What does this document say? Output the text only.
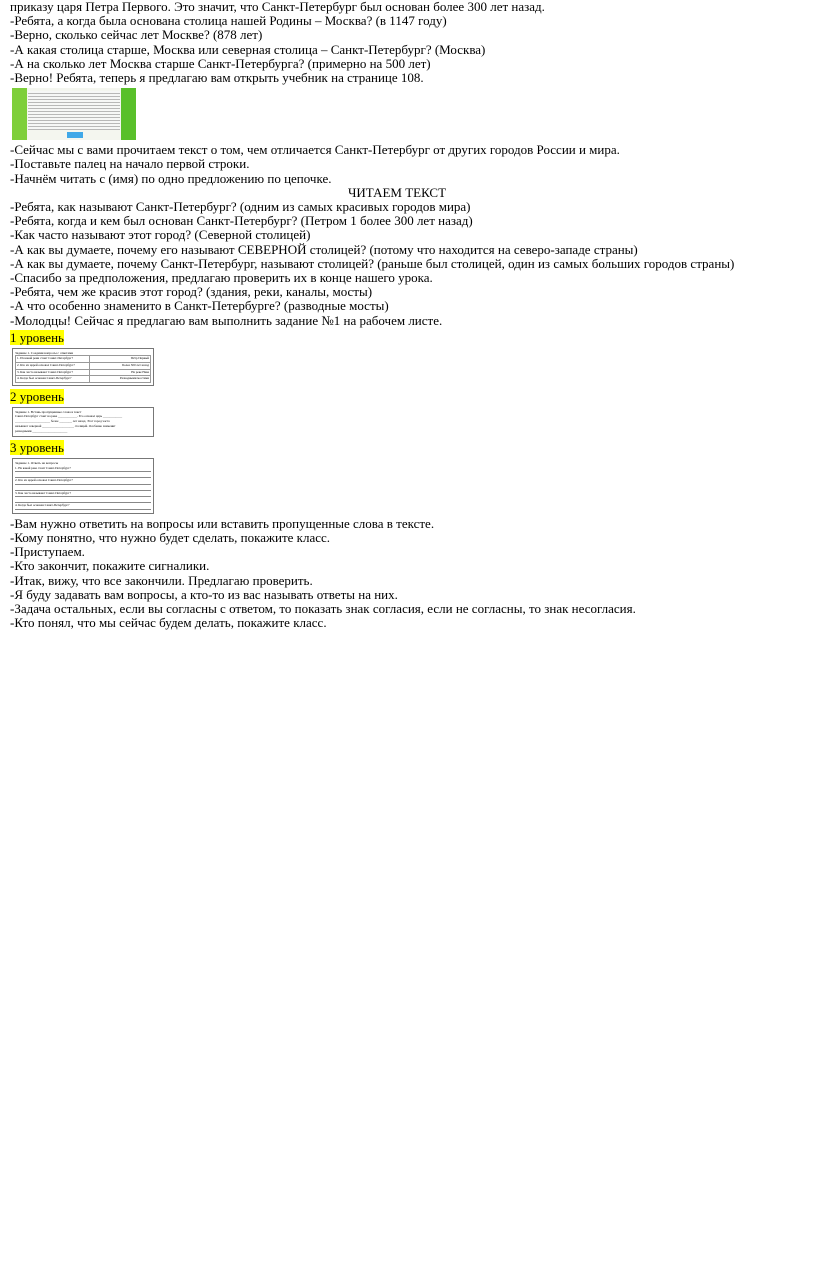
приказу царя Петра Первого. Это значит, что Санкт-Петербург был основан более 300 лет назад.

-Ребята, а когда была основана столица нашей Родины – Москва? (в 1147 году)

-Верно, сколько сейчас лет Москве? (878 лет)

-А какая столица старше, Москва или северная столица – Санкт-Петербург? (Москва)

-А на сколько лет Москва старше Санкт-Петербурга? (примерно на 500 лет)

-Верно! Ребята, теперь я предлагаю вам открыть учебник на странице 108.

-Сейчас мы с вами прочитаем текст о том, чем отличается Санкт-Петербург от других городов России и мира.

-Поставьте палец на начало первой строки.

-Начнём читать с (имя) по одно предложению по цепочке.

ЧИТАЕМ ТЕКСТ

-Ребята, как называют Санкт-Петербург? (одним из самых красивых городов мира)

-Ребята, когда и кем был основан Санкт-Петербург? (Петром 1 более 300 лет назад)

-Как часто называют этот город? (Северной столицей)

-А как вы думаете, почему его называют СЕВЕРНОЙ столицей? (потому что находится на северо-западе страны)

-А как вы думаете, почему Санкт-Петербург, называют столицей? (раньше был столицей, один из самых больших городов страны)

-Спасибо за предположения, предлагаю проверить их в конце нашего урока.

-Ребята, чем же красив этот город? (здания, реки, каналы, мосты)

-А что особенно знаменито в Санкт-Петербурге? (разводные мосты)

-Молодцы! Сейчас я предлагаю вам выполнить задание №1 на рабочем листе.

1 уровень
Задание 1. Соедини вопросы с ответами
1. Из какой реки стоит Санкт-Петербург?	Пётр Первый
2. Кто из царей основал Санкт-Петербург?	Более 300 лет назад
3. Как часто называют Санкт-Петербург?	На реке Нева
4. Когда был основан Санкт-Петербург?	Разводными мостами
2 уровень
Задание 1. Вставь пропущенные слова в текст
Санкт-Петербург стоит на реке ____________. Его основал царь ____________
______________________ более ________ лет назад. Этот город часто
называют северной ____________________ столицей. Особенно знаменит
разводными ______________________
3 уровень
Задание 1. Ответь на вопросы
1. На какой реке стоит Санкт-Петербург?
2. Кто из царей основал Санкт-Петербург?
3. Как часто называют Санкт-Петербург?
4. Когда был основан Санкт-Петербург?

-Вам нужно ответить на вопросы или вставить пропущенные слова в тексте.

-Кому понятно, что нужно будет сделать, покажите класс.

-Приступаем.

-Кто закончит, покажите сигналики.

-Итак, вижу, что все закончили. Предлагаю проверить.

-Я буду задавать вам вопросы, а кто-то из вас называть ответы на них.

-Задача остальных, если вы согласны с ответом, то показать знак согласия, если не согласны, то знак несогласия.

-Кто понял, что мы сейчас будем делать, покажите класс.
